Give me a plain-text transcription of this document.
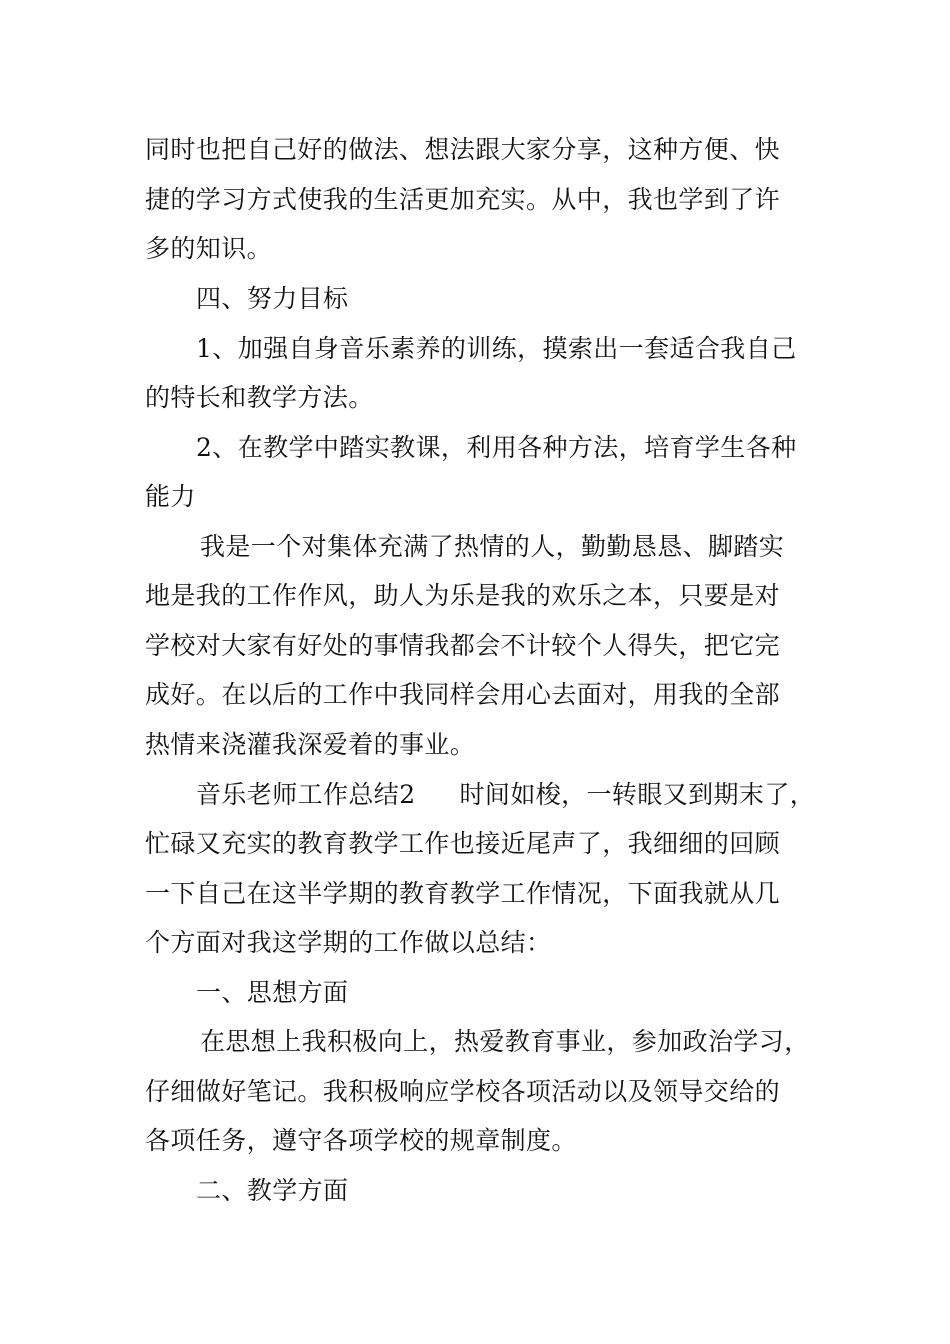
同时也把自己好的做法、想法跟大家分享，这种方便、快
捷的学习方式使我的生活更加充实。从中，我也学到了许
多的知识。
四、努力目标
1、加强自身音乐素养的训练，摸索出一套适合我自己
的特长和教学方法。
2、在教学中踏实教课，利用各种方法，培育学生各种
能力
我是一个对集体充满了热情的人，勤勤恳恳、脚踏实
地是我的工作作风，助人为乐是我的欢乐之本，只要是对
学校对大家有好处的事情我都会不计较个人得失，把它完
成好。在以后的工作中我同样会用心去面对，用我的全部
热情来浇灌我深爱着的事业。
音乐老师工作总结2 时间如梭，一转眼又到期末了，
忙碌又充实的教育教学工作也接近尾声了，我细细的回顾
一下自己在这半学期的教育教学工作情况，下面我就从几
个方面对我这学期的工作做以总结：
一、思想方面
在思想上我积极向上，热爱教育事业，参加政治学习，
仔细做好笔记。我积极响应学校各项活动以及领导交给的
各项任务，遵守各项学校的规章制度。
二、教学方面
